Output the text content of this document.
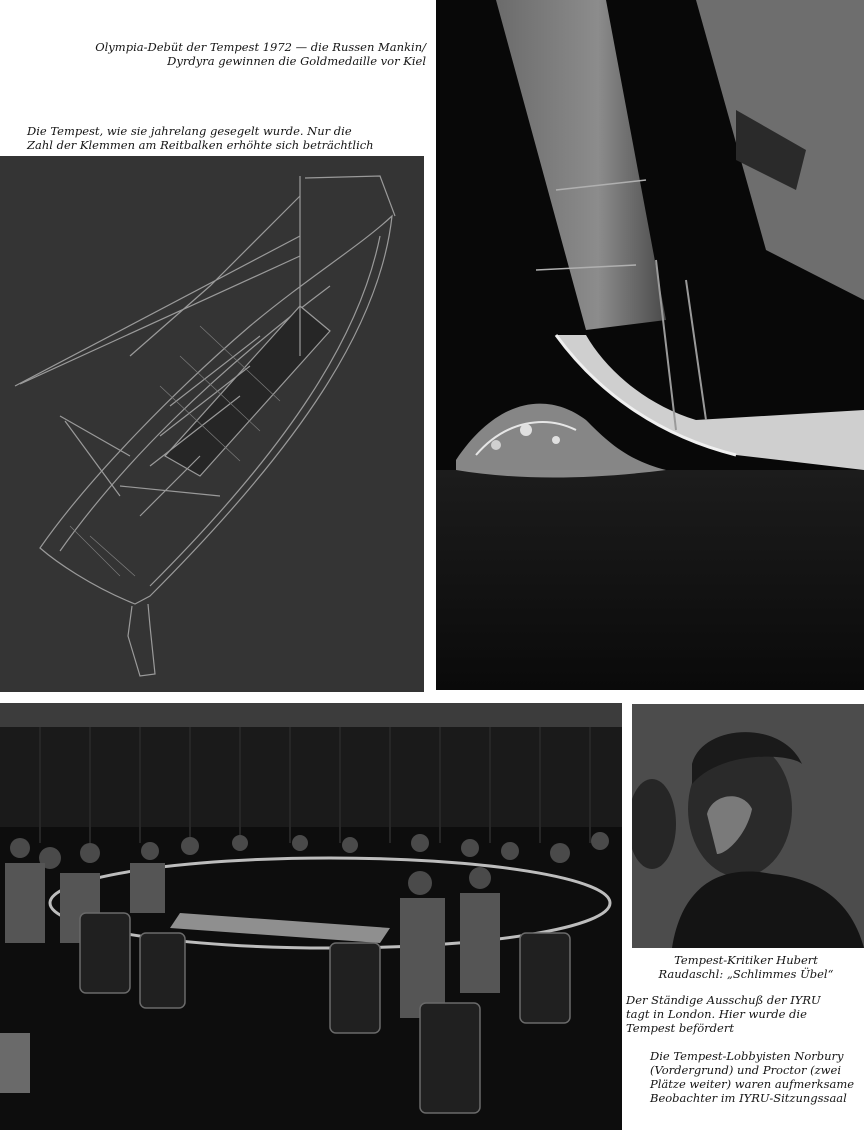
Olympia-Debüt der Tempest 1972 — die Russen Mankin/
Dyrdyra gewinnen die Goldmedaille vor Kiel

Die Tempest, wie sie jahrelang gesegelt wurde. Nur die
Zahl der Klemmen am Reitbalken erhöhte sich beträchtlich

Tempest-Kritiker Hubert
Raudaschl: „Schlimmes Übel“

Der Ständige Ausschuß der IYRU
tagt in London. Hier wurde die
Tempest befördert

Die Tempest-Lobbyisten Norbury
(Vordergrund) und Proctor (zwei
Plätze weiter) waren aufmerksame
Beobachter im IYRU-Sitzungssaal
